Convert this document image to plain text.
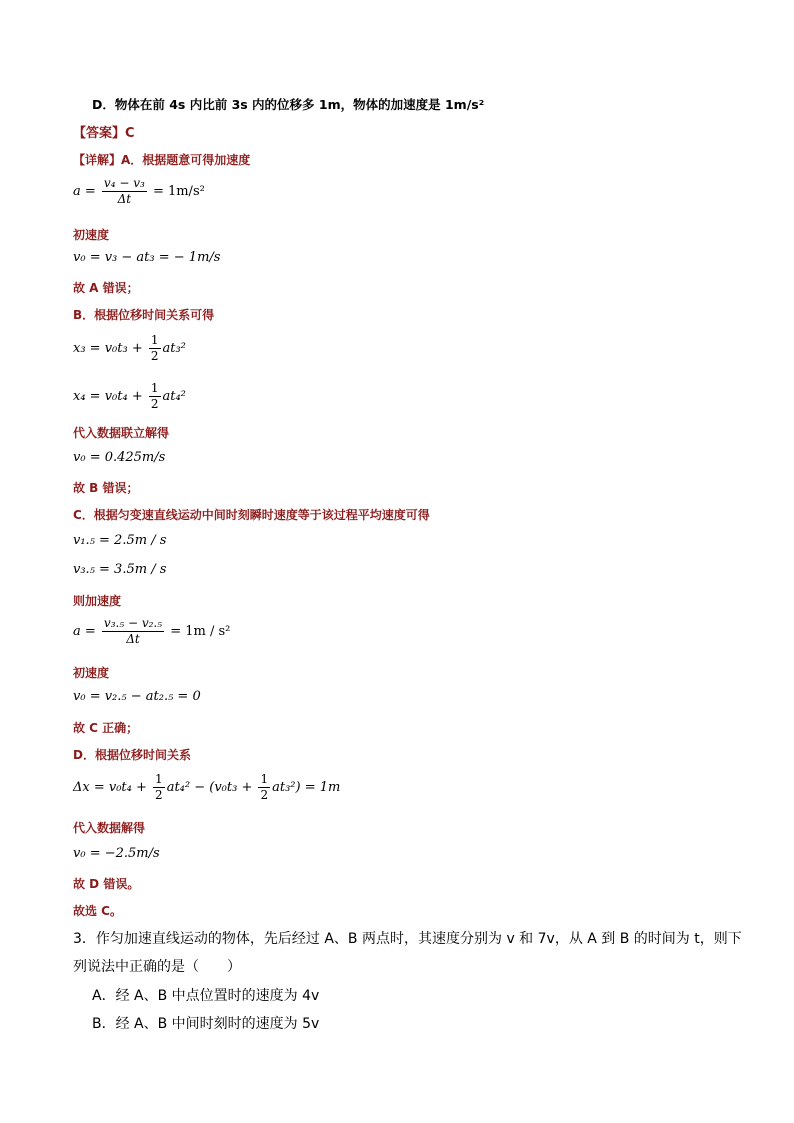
D．物体在前 4s 内比前 3s 内的位移多 1m，物体的加速度是 1m/s²
【答案】C
【详解】A．根据题意可得加速度
$a = \frac{\text{v₄ − v₃}}{\Delta t} = 1m/s^2$
初速度
v₀ = v₃ − at₃ = − 1m/s
故 A 错误；
B．根据位移时间关系可得
$x_3 = v_0t_3 + \frac{1}{2} at_3^2$
$x_4 = v_0t_4 + \frac{1}{2} at_4^2$
代入数据联立解得
v₀ = 0.425m/s
故 B 错误；
C．根据匀变速直线运动中间时刻瞬时速度等于该过程平均速度可得
v₁.₅ = 2.5m / s
v₃.₅ = 3.5m / s
则加速度
$a = \frac{\text{v₃.₅ − v₂.₅}}{\Delta t} = 1m / s^2$
初速度
v₀ = v₂.₅ − at₂.₅ = 0
故 C 正确；
D．根据位移时间关系
$\Delta x = v_0t_4 + \frac{1}{2} at_4^2 - (v_0t_3 + \frac{1}{2} at_3^2) = 1m$
代入数据解得
v₀ = −2.5m/s
故 D 错误。
故选 C。
3．作匀加速直线运动的物体，先后经过 A、B 两点时，其速度分别为 v 和 7v，从 A 到 B 的时间为 t，则下
列说法中正确的是（　　）
A．经 A、B 中点位置时的速度为 4v
B．经 A、B 中间时刻时的速度为 5v
